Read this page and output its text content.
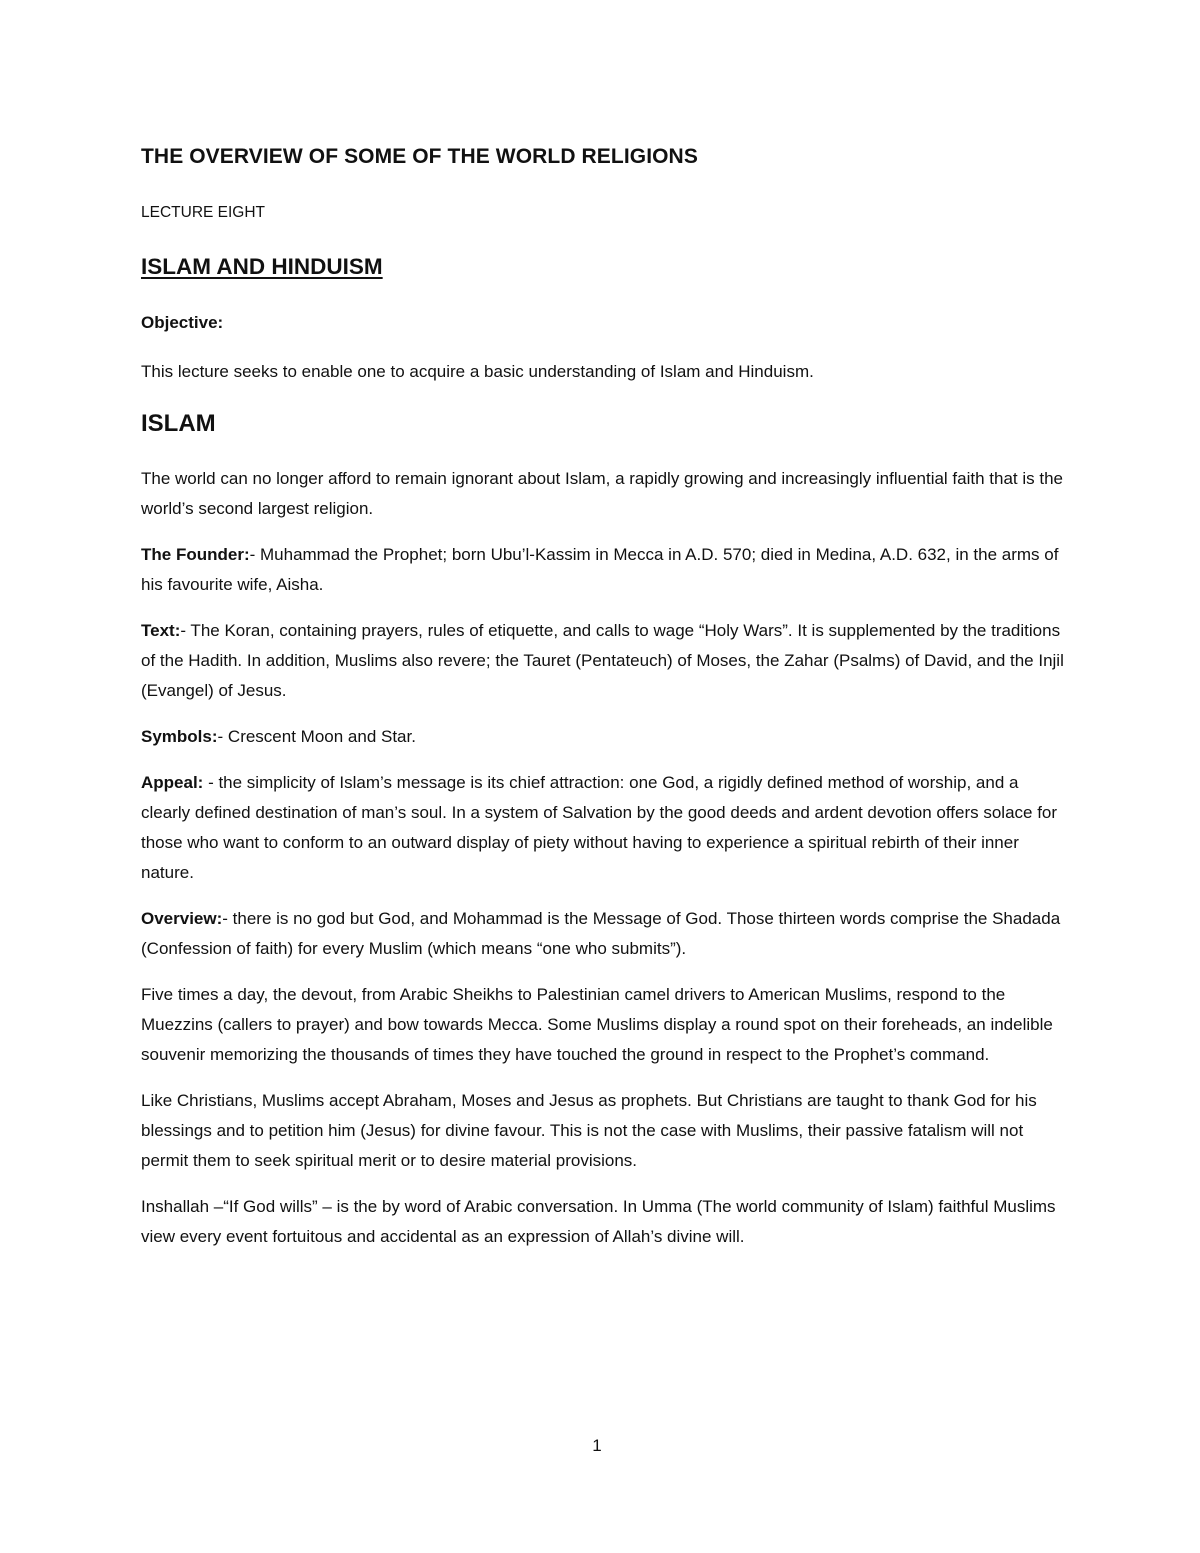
THE OVERVIEW OF SOME OF THE WORLD RELIGIONS

LECTURE EIGHT

ISLAM AND HINDUISM

Objective:

This lecture seeks to enable one to acquire a basic understanding of Islam and Hinduism.

ISLAM

The world can no longer afford to remain ignorant about Islam, a rapidly growing and increasingly influential faith that is the world’s second largest religion.

The Founder:- Muhammad the Prophet; born Ubu’l-Kassim in Mecca in A.D. 570; died in Medina, A.D. 632, in the arms of his favourite wife, Aisha.

Text:- The Koran, containing prayers, rules of etiquette, and calls to wage “Holy Wars”. It is supplemented by the traditions of the Hadith. In addition, Muslims also revere; the Tauret (Pentateuch) of Moses, the Zahar (Psalms) of David, and the Injil (Evangel) of Jesus.

Symbols:- Crescent Moon and Star.

Appeal: - the simplicity of Islam’s message is its chief attraction: one God, a rigidly defined method of worship, and a clearly defined destination of man’s soul. In a system of Salvation by the good deeds and ardent devotion offers solace for those who want to conform to an outward display of piety without having to experience a spiritual rebirth of their inner nature.

Overview:- there is no god but God, and Mohammad is the Message of God. Those thirteen words comprise the Shadada (Confession of faith) for every Muslim (which means “one who submits”).

Five times a day, the devout, from Arabic Sheikhs to Palestinian camel drivers to American Muslims, respond to the Muezzins (callers to prayer) and bow towards Mecca. Some Muslims display a round spot on their foreheads, an indelible souvenir memorizing the thousands of times they have touched the ground in respect to the Prophet’s command.

Like Christians, Muslims accept Abraham, Moses and Jesus as prophets. But Christians are taught to thank God for his blessings and to petition him (Jesus) for divine favour. This is not the case with Muslims, their passive fatalism will not permit them to seek spiritual merit or to desire material provisions.

Inshallah –“If God wills” – is the by word of Arabic conversation. In Umma (The world community of Islam) faithful Muslims view every event fortuitous and accidental as an expression of Allah’s divine will.

1
